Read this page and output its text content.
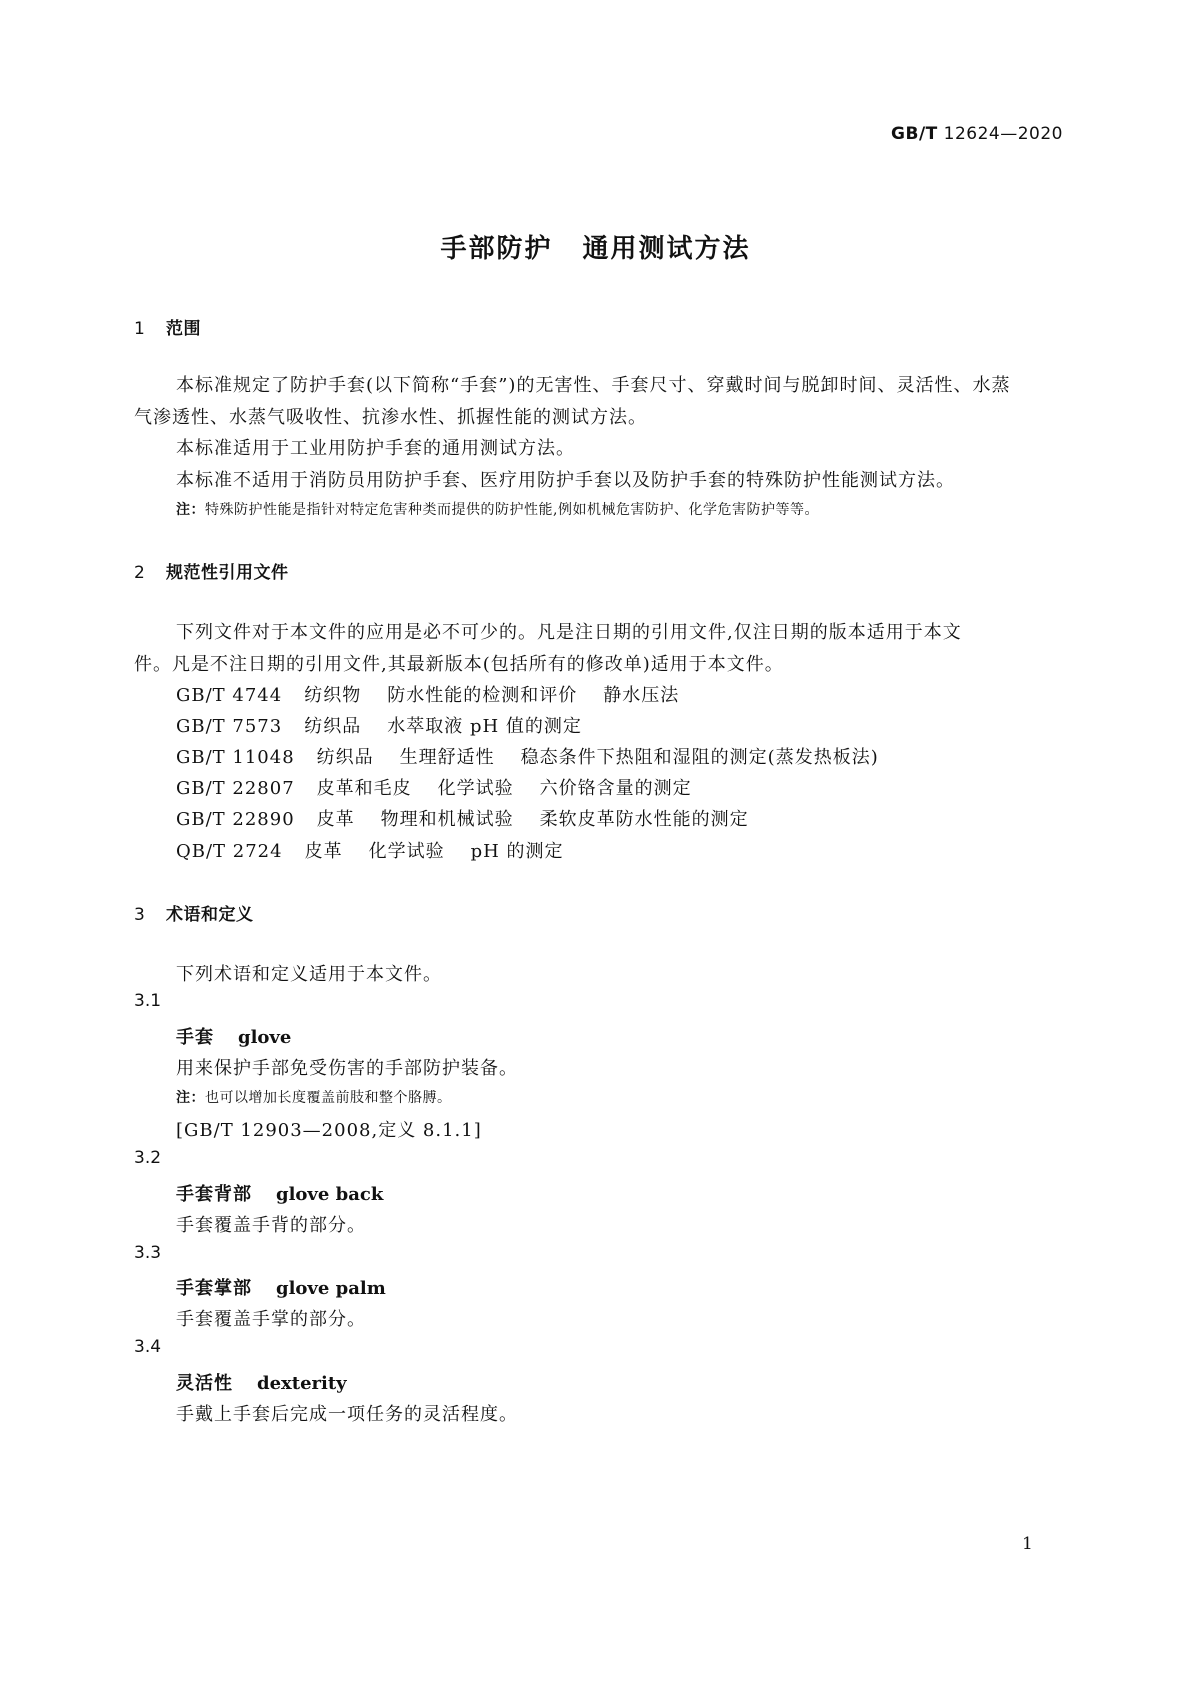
GB/T 12624—2020
手部防护 通用测试方法
1 范围
本标准规定了防护手套(以下简称“手套”)的无害性、手套尺寸、穿戴时间与脱卸时间、灵活性、水蒸
气渗透性、水蒸气吸收性、抗渗水性、抓握性能的测试方法。
本标准适用于工业用防护手套的通用测试方法。
本标准不适用于消防员用防护手套、医疗用防护手套以及防护手套的特殊防护性能测试方法。
注：特殊防护性能是指针对特定危害种类而提供的防护性能,例如机械危害防护、化学危害防护等等。
2 规范性引用文件
下列文件对于本文件的应用是必不可少的。凡是注日期的引用文件,仅注日期的版本适用于本文
件。凡是不注日期的引用文件,其最新版本(包括所有的修改单)适用于本文件。
GB/T 4744 纺织物 防水性能的检测和评价 静水压法
GB/T 7573 纺织品 水萃取液 pH 值的测定
GB/T 11048 纺织品 生理舒适性 稳态条件下热阻和湿阻的测定(蒸发热板法)
GB/T 22807 皮革和毛皮 化学试验 六价铬含量的测定
GB/T 22890 皮革 物理和机械试验 柔软皮革防水性能的测定
QB/T 2724 皮革 化学试验 pH 的测定
3 术语和定义
下列术语和定义适用于本文件。
3.1
手套 glove
用来保护手部免受伤害的手部防护装备。
注：也可以增加长度覆盖前肢和整个胳膊。
[GB/T 12903—2008,定义 8.1.1]
3.2
手套背部 glove back
手套覆盖手背的部分。
3.3
手套掌部 glove palm
手套覆盖手掌的部分。
3.4
灵活性 dexterity
手戴上手套后完成一项任务的灵活程度。
1
